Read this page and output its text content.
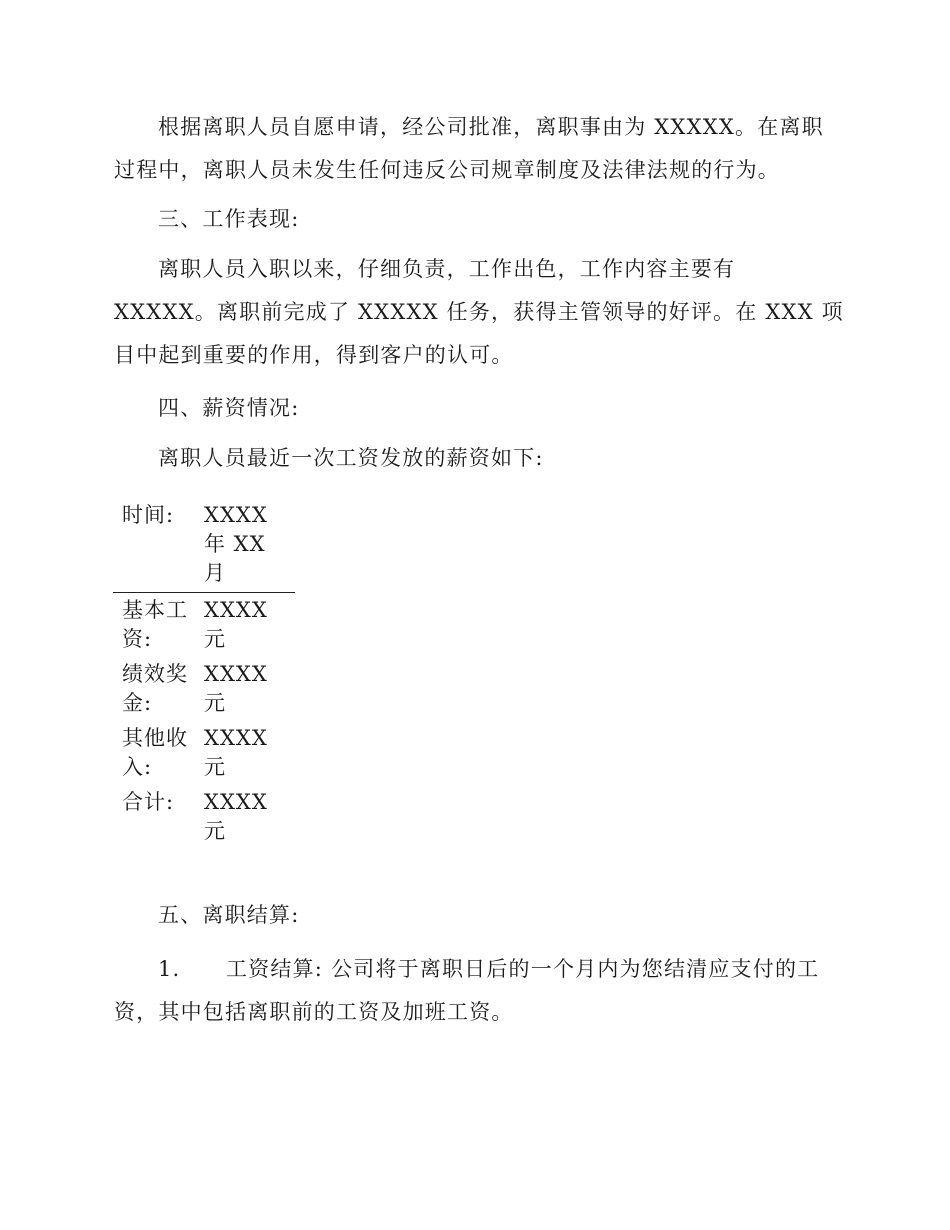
根据离职人员自愿申请，经公司批准，离职事由为 XXXXX。在离职过程中，离职人员未发生任何违反公司规章制度及法律法规的行为。

三、工作表现:

离职人员入职以来，仔细负责，工作出色，工作内容主要有 XXXXX。离职前完成了 XXXXX 任务，获得主管领导的好评。在 XXX 项目中起到重要的作用，得到客户的认可。

四、薪资情况:

离职人员最近一次工资发放的薪资如下:

时间:	XXXX 年 XX 月
基本工资:	XXXX 元
绩效奖金:	XXXX 元
其他收入:	XXXX 元
合计:	XXXX 元

五、离职结算:

1. 工资结算: 公司将于离职日后的一个月内为您结清应支付的工资，其中包括离职前的工资及加班工资。
